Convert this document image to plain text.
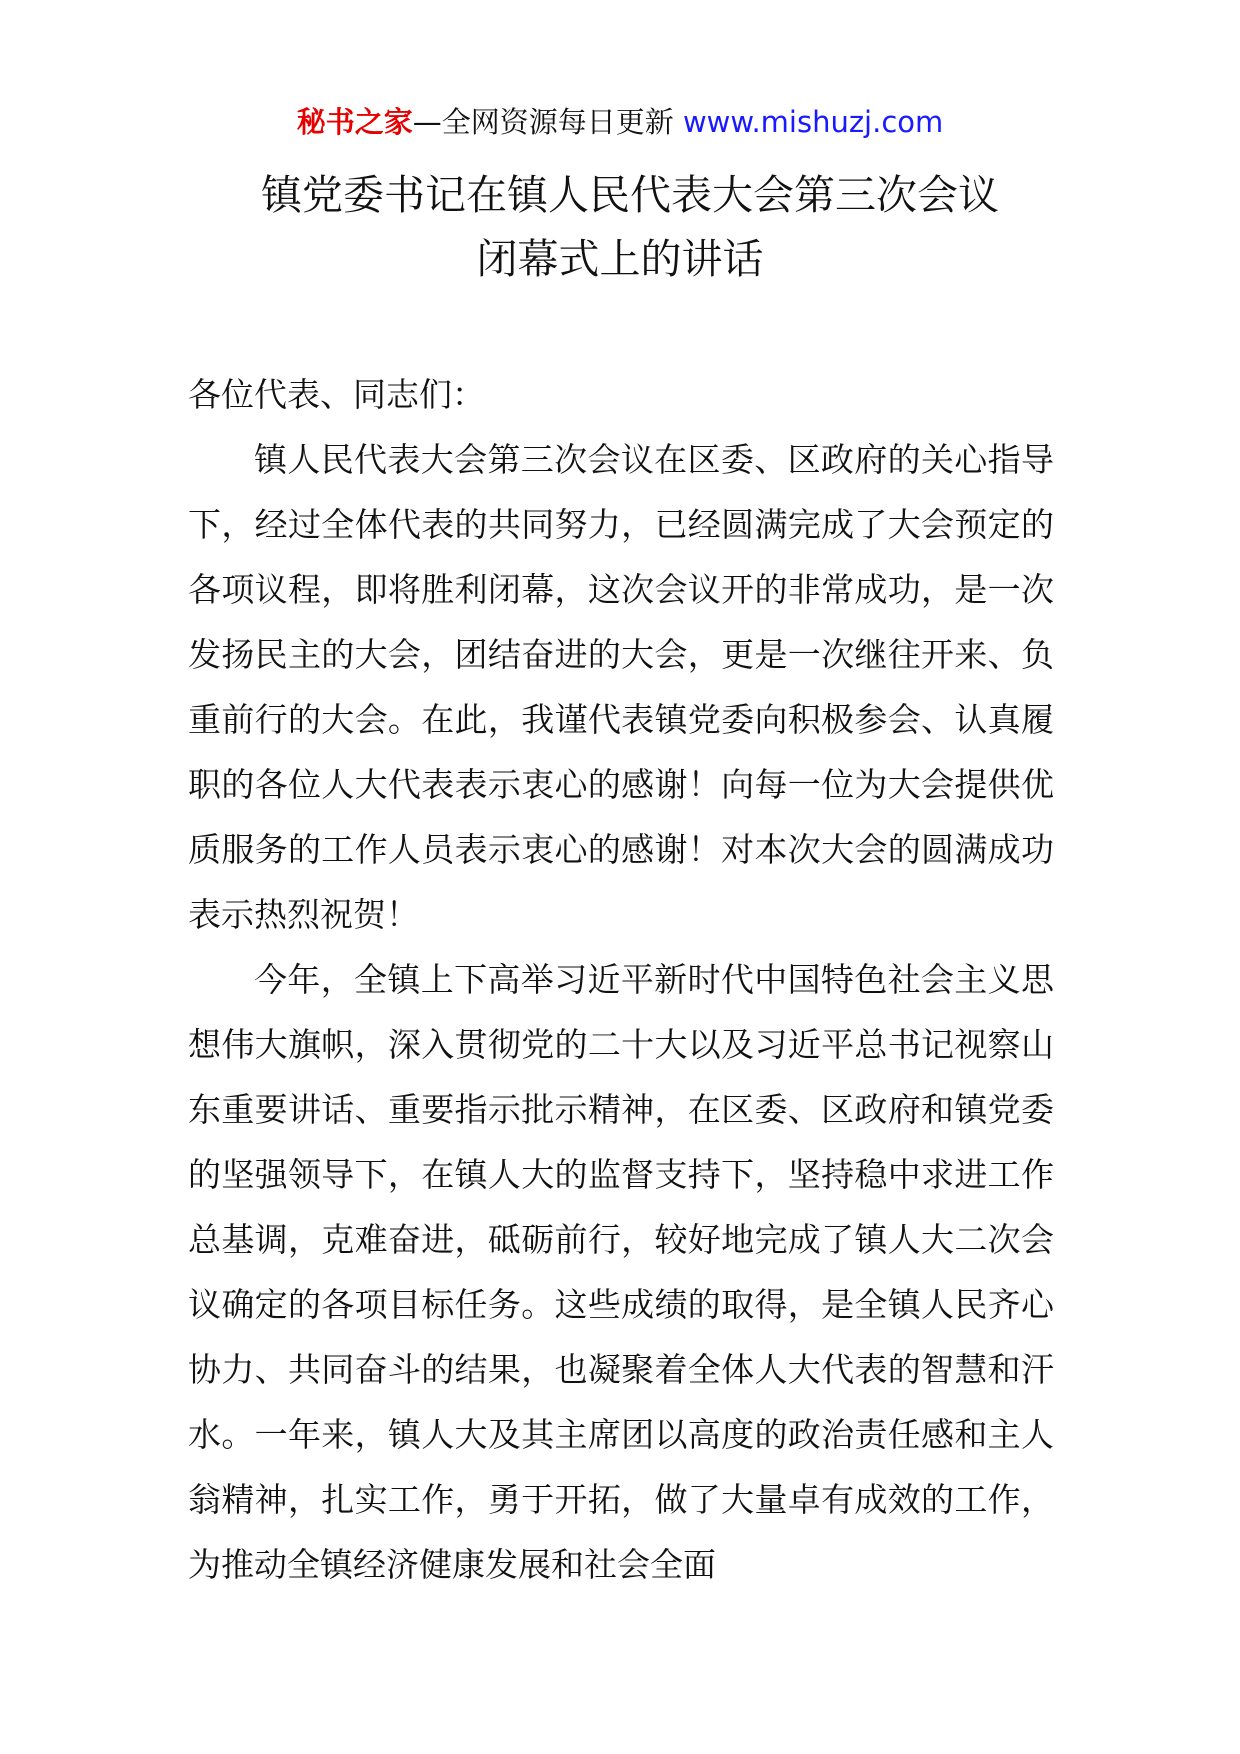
秘书之家—全网资源每日更新 www.mishuzj.com
镇党委书记在镇人民代表大会第三次会议
闭幕式上的讲话

各位代表、同志们：

镇人民代表大会第三次会议在区委、区政府的关心指导下，经过全体代表的共同努力，已经圆满完成了大会预定的各项议程，即将胜利闭幕，这次会议开的非常成功，是一次发扬民主的大会，团结奋进的大会，更是一次继往开来、负重前行的大会。在此，我谨代表镇党委向积极参会、认真履职的各位人大代表表示衷心的感谢！向每一位为大会提供优质服务的工作人员表示衷心的感谢！对本次大会的圆满成功表示热烈祝贺！

今年，全镇上下高举习近平新时代中国特色社会主义思想伟大旗帜，深入贯彻党的二十大以及习近平总书记视察山东重要讲话、重要指示批示精神，在区委、区政府和镇党委的坚强领导下，在镇人大的监督支持下，坚持稳中求进工作总基调，克难奋进，砥砺前行，较好地完成了镇人大二次会议确定的各项目标任务。这些成绩的取得，是全镇人民齐心协力、共同奋斗的结果，也凝聚着全体人大代表的智慧和汗水。一年来，镇人大及其主席团以高度的政治责任感和主人翁精神，扎实工作，勇于开拓，做了大量卓有成效的工作，为推动全镇经济健康发展和社会全面
